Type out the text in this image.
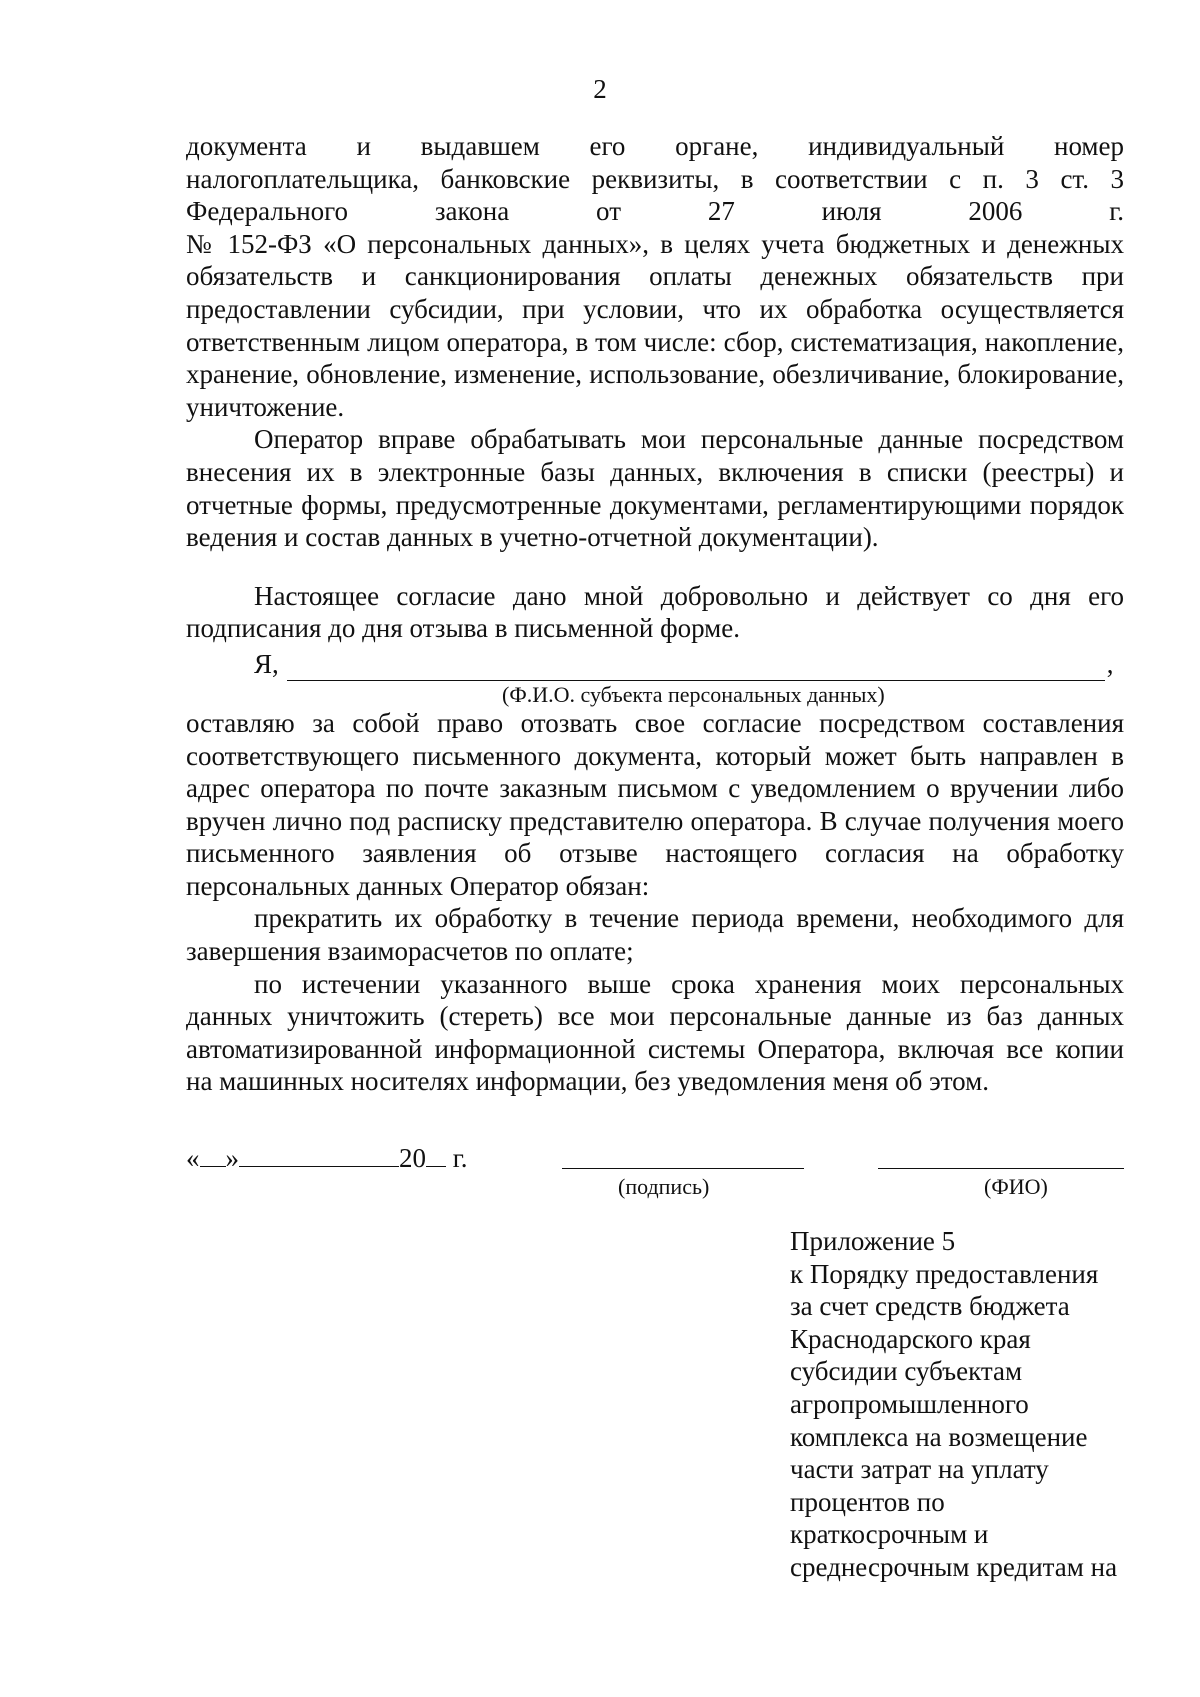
2

документа и выдавшем его органе, индивидуальный номер

налогоплательщика, банковские реквизиты, в соответствии с п. 3 ст. 3

Федерального закона от 27 июля 2006 г.

№ 152-ФЗ «О персональных данных», в целях учета бюджетных и денежных обязательств и санкционирования оплаты денежных обязательств при предоставлении субсидии, при условии, что их обработка осуществляется ответственным лицом оператора, в том числе: сбор, систематизация, накопление, хранение, обновление, изменение, использование, обезличивание, блокирование, уничтожение.

Оператор вправе обрабатывать мои персональные данные посредством внесения их в электронные базы данных, включения в списки (реестры) и отчетные формы, предусмотренные документами, регламентирующими порядок ведения и состав данных в учетно-отчетной документации).

Настоящее согласие дано мной добровольно и действует со дня его подписания до дня отзыва в письменной форме.

Я,	,
(Ф.И.О. субъекта персональных данных)

оставляю за собой право отозвать свое согласие посредством составления соответствующего письменного документа, который может быть направлен в адрес оператора по почте заказным письмом с уведомлением о вручении либо вручен лично под расписку представителю оператора. В случае получения моего письменного заявления об отзыве настоящего согласия на обработку персональных данных Оператор обязан:

прекратить их обработку в течение периода времени, необходимого для завершения взаиморасчетов по оплате;

по истечении указанного выше срока хранения моих персональных данных уничтожить (стереть) все мои персональные данные из баз данных автоматизированной информационной системы Оператора, включая все копии на машинных носителях информации, без уведомления меня об этом.

« »	20 г.
(подпись)	(ФИО)
Приложение 5
к Порядку предоставления
за счет средств бюджета
Краснодарского края
субсидии субъектам
агропромышленного
комплекса на возмещение
части затрат на уплату
процентов по
краткосрочным и
среднесрочным кредитам на
